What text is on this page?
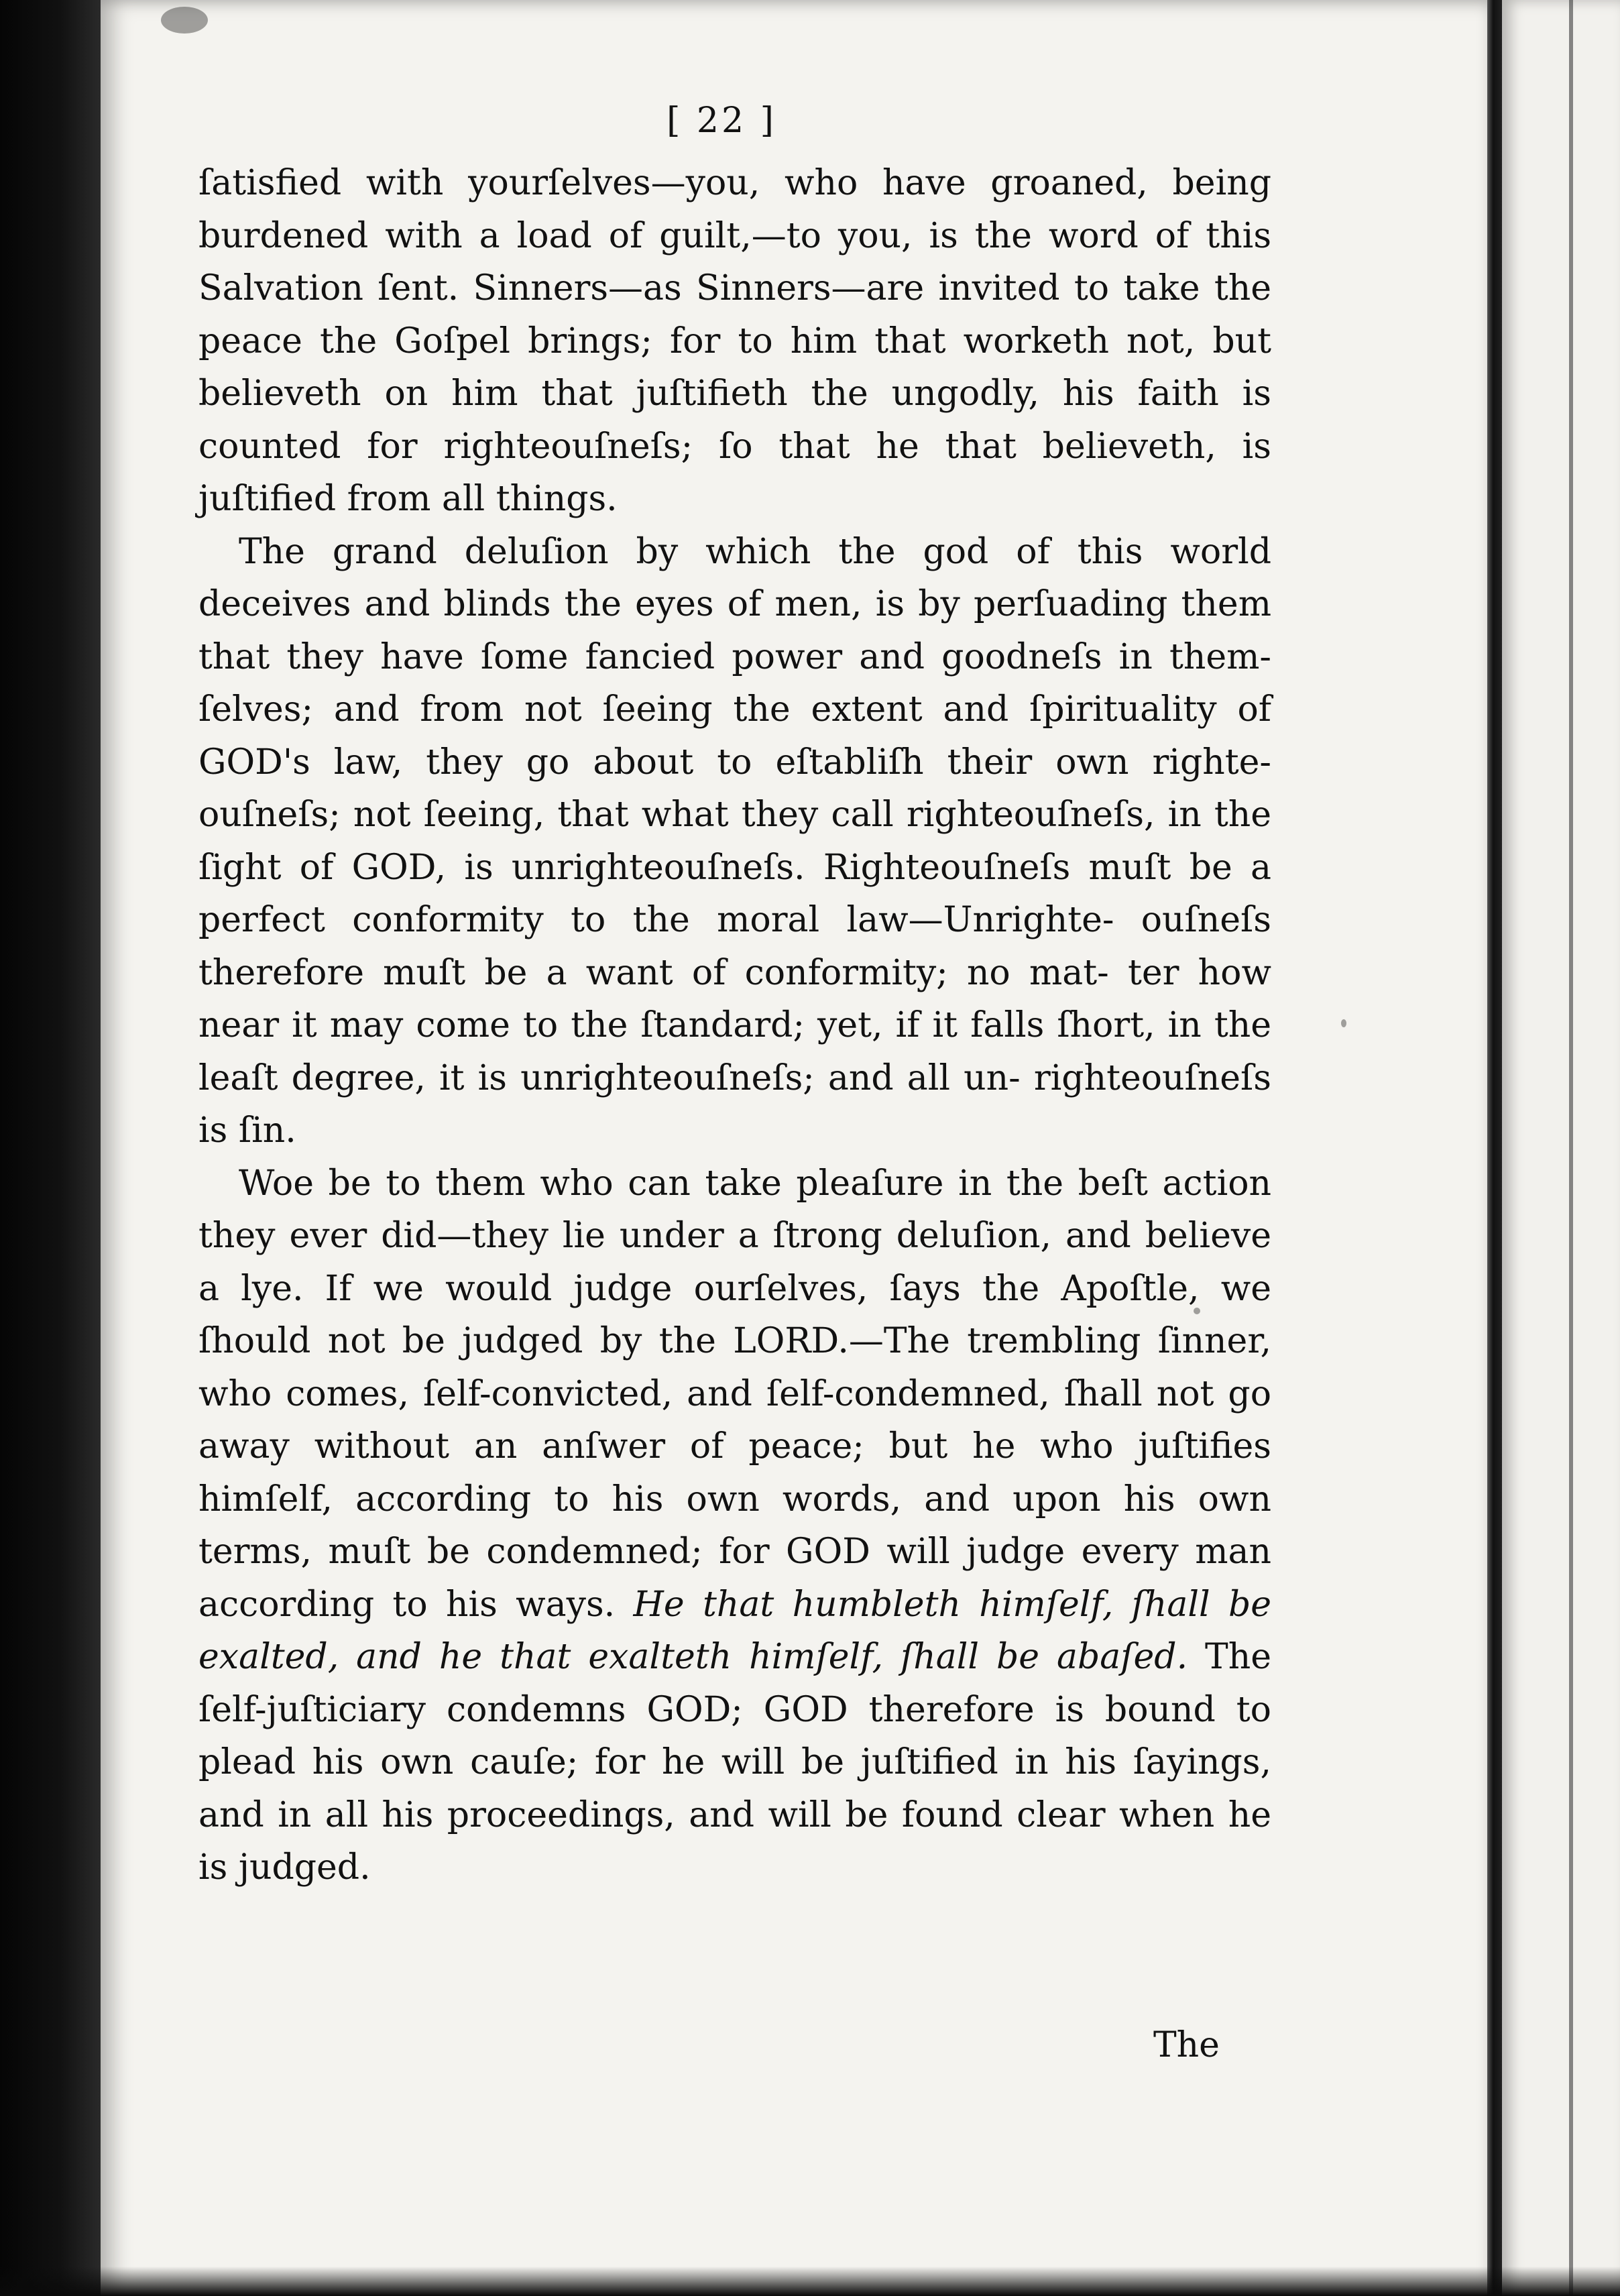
[ 22 ]

ſatisfied with yourſelves—you, who have groaned, being burdened with a load of guilt,—to you, is the word of this Salvation ſent. Sinners—as Sinners—are invited to take the peace the Goſpel brings; for to him that worketh not, but believeth on him that juſtifieth the ungodly, his faith is counted for righteouſneſs; ſo that he that believeth, is juſtified from all things.

The grand deluſion by which the god of this world deceives and blinds the eyes of men, is by perſuading them that they have ſome fancied power and goodneſs in them- ſelves; and from not ſeeing the extent and ſpirituality of GOD's law, they go about to eſtabliſh their own righte- ouſneſs; not ſeeing, that what they call righteouſneſs, in the ſight of GOD, is unrighteouſneſs. Righteouſneſs muſt be a perfect conformity to the moral law—Unrighte- ouſneſs therefore muſt be a want of conformity; no mat- ter how near it may come to the ſtandard; yet, if it falls ſhort, in the leaſt degree, it is unrighteouſneſs; and all un- righteouſneſs is ſin.

Woe be to them who can take pleaſure in the beſt action they ever did—they lie under a ſtrong deluſion, and believe a lye. If we would judge ourſelves, ſays the Apoſtle, we ſhould not be judged by the LORD.—The trembling ſinner, who comes, ſelf-convicted, and ſelf-condemned, ſhall not go away without an anſwer of peace; but he who juſtifies himſelf, according to his own words, and upon his own terms, muſt be condemned; for GOD will judge every man according to his ways. He that humbleth himſelf, ſhall be exalted, and he that exalteth himſelf, ſhall be abaſed. The ſelf-juſticiary condemns GOD; GOD therefore is bound to plead his own cauſe; for he will be juſtified in his ſayings, and in all his proceedings, and will be found clear when he is judged.

The
